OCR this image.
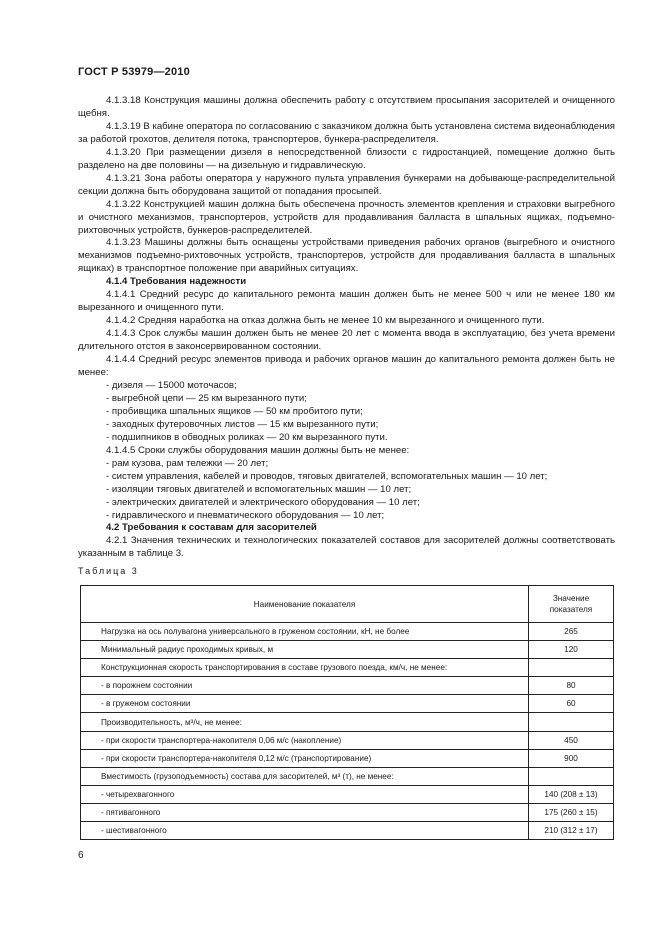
ГОСТ Р 53979—2010

4.1.3.18 Конструкция машины должна обеспечить работу с отсутствием просыпания засорителей и очищенного щебня.

4.1.3.19 В кабине оператора по согласованию с заказчиком должна быть установлена система видеонаблюдения за работой грохотов, делителя потока, транспортеров, бункера-распределителя.

4.1.3.20 При размещении дизеля в непосредственной близости с гидростанцией, помещение должно быть разделено на две половины — на дизельную и гидравлическую.

4.1.3.21 Зона работы оператора у наружного пульта управления бункерами на добывающе-распределительной секции должна быть оборудована защитой от попадания просыпей.

4.1.3.22 Конструкцией машин должна быть обеспечена прочность элементов крепления и страховки выгребного и очистного механизмов, транспортеров, устройств для продавливания балласта в шпальных ящиках, подъемно-рихтовочных устройств, бункеров-распределителей.

4.1.3.23 Машины должны быть оснащены устройствами приведения рабочих органов (выгребного и очистного механизмов подъемно-рихтовочных устройств, транспортеров, устройств для продавливания балласта в шпальных ящиках) в транспортное положение при аварийных ситуациях.

4.1.4 Требования надежности

4.1.4.1 Средний ресурс до капитального ремонта машин должен быть не менее 500 ч или не менее 180 км вырезанного и очищенного пути.

4.1.4.2 Средняя наработка на отказ должна быть не менее 10 км вырезанного и очищенного пути.

4.1.4.3 Срок службы машин должен быть не менее 20 лет с момента ввода в эксплуатацию, без учета времени длительного отстоя в законсервированном состоянии.

4.1.4.4 Средний ресурс элементов привода и рабочих органов машин до капитального ремонта должен быть не менее:

- дизеля — 15000 моточасов;

- выгребной цепи — 25 км вырезанного пути;

- пробивщика шпальных ящиков — 50 км пробитого пути;

- заходных футеровочных листов — 15 км вырезанного пути;

- подшипников в обводных роликах — 20 км вырезанного пути.

4.1.4.5 Сроки службы оборудования машин должны быть не менее:

- рам кузова, рам тележки — 20 лет;

- систем управления, кабелей и проводов, тяговых двигателей, вспомогательных машин — 10 лет;

- изоляции тяговых двигателей и вспомогательных машин — 10 лет;

- электрических двигателей и электрического оборудования — 10 лет;

- гидравлического и пневматического оборудования — 10 лет;

4.2 Требования к составам для засорителей

4.2.1 Значения технических и технологических показателей составов для засорителей должны соответствовать указанным в таблице 3.

Таблица 3
Наименование показателя	Значение показателя
Нагрузка на ось полувагона универсального в груженом состоянии, кН, не более	265
Минимальный радиус проходимых кривых, м	120
Конструкционная скорость транспортирования в составе грузового поезда, км/ч, не менее:	
- в порожнем состоянии	80
- в груженом состоянии	60
Производительность, м³/ч, не менее:	
- при скорости транспортера-накопителя 0,06 м/с (накопление)	450
- при скорости транспортера-накопителя 0,12 м/с (транспортирование)	900
Вместимость (грузоподъемность) состава для засорителей, м³ (т), не менее:	
- четырехвагонного	140 (208 ± 13)
- пятивагонного	175 (260 ± 15)
- шестивагонного	210 (312 ± 17)
6
